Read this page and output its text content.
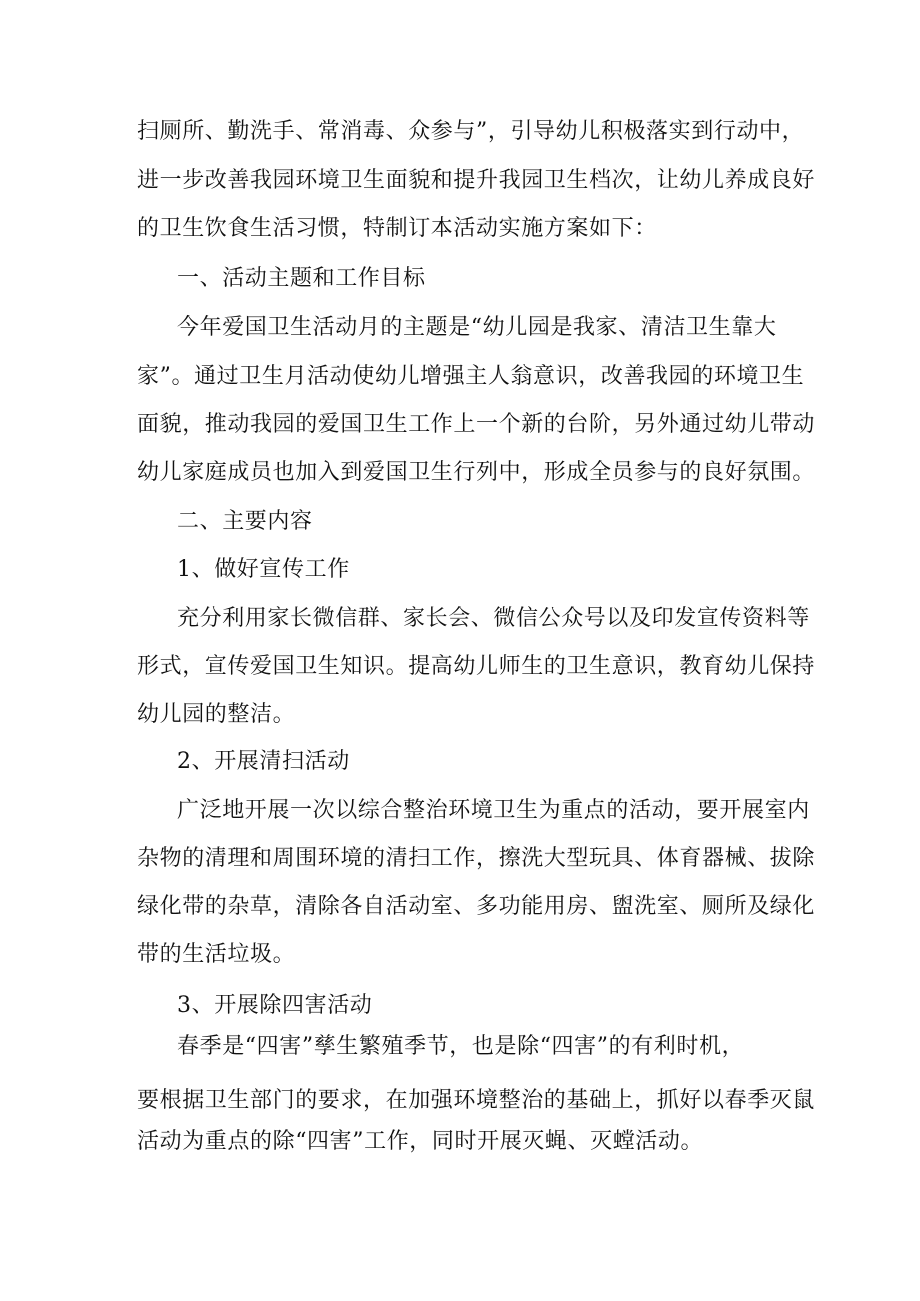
扫厕所、勤洗手、常消毒、众参与”，引导幼儿积极落实到行动中，
进一步改善我园环境卫生面貌和提升我园卫生档次，让幼儿养成良好
的卫生饮食生活习惯，特制订本活动实施方案如下：
一、活动主题和工作目标
今年爱国卫生活动月的主题是“幼儿园是我家、清洁卫生靠大
家”。通过卫生月活动使幼儿增强主人翁意识，改善我园的环境卫生
面貌，推动我园的爱国卫生工作上一个新的台阶，另外通过幼儿带动
幼儿家庭成员也加入到爱国卫生行列中，形成全员参与的良好氛围。
二、主要内容
1、做好宣传工作
充分利用家长微信群、家长会、微信公众号以及印发宣传资料等
形式，宣传爱国卫生知识。提高幼儿师生的卫生意识，教育幼儿保持
幼儿园的整洁。
2、开展清扫活动
广泛地开展一次以综合整治环境卫生为重点的活动，要开展室内
杂物的清理和周围环境的清扫工作，擦洗大型玩具、体育器械、拔除
绿化带的杂草，清除各自活动室、多功能用房、盥洗室、厕所及绿化
带的生活垃圾。
3、开展除四害活动
春季是“四害”孳生繁殖季节，也是除“四害”的有利时机，
要根据卫生部门的要求，在加强环境整治的基础上，抓好以春季灭鼠
活动为重点的除“四害”工作，同时开展灭蝇、灭螳活动。
